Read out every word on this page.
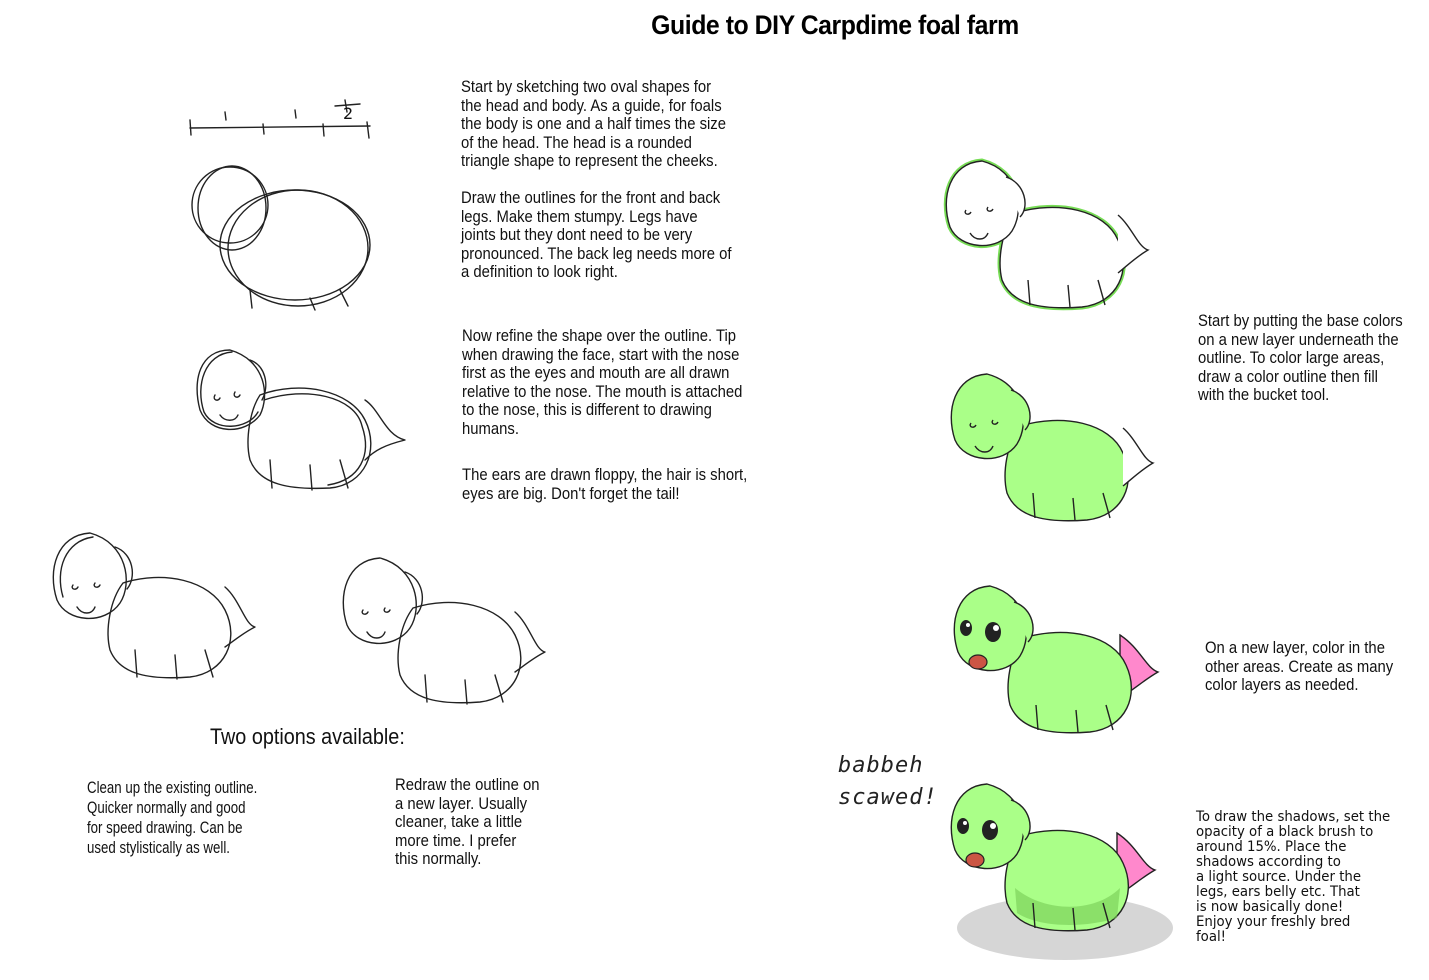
Guide to DIY Carpdime foal farm
2
Start by sketching two oval shapes for
the head and body. As a guide, for foals
the body is one and a half times the size
of the head. The head is a rounded
triangle shape to represent the cheeks.
Draw the outlines for the front and back
legs. Make them stumpy. Legs have
joints but they dont need to be very
pronounced. The back leg needs more of
a definition to look right.
Now refine the shape over the outline. Tip
when drawing the face, start with the nose
first as the eyes and mouth are all drawn
relative to the nose. The mouth is attached
to the nose, this is different to drawing
humans.
The ears are drawn floppy, the hair is short,
eyes are big. Don't forget the tail!
Two options available:
Clean up the existing outline.
Quicker normally and good
for speed drawing. Can be
used stylistically as well.
Redraw the outline on
a new layer. Usually
cleaner, take a little
more time. I prefer
this normally.
Start by putting the base colors
on a new layer underneath the
outline. To color large areas,
draw a color outline then fill
with the bucket tool.
On a new layer, color in the
other areas. Create as many
color layers as needed.
babbeh
scawed!
To draw the shadows, set the
opacity of a black brush to
around 15%. Place the
shadows according to
a light source. Under the
legs, ears belly etc. That
is now basically done!
Enjoy your freshly bred
foal!
